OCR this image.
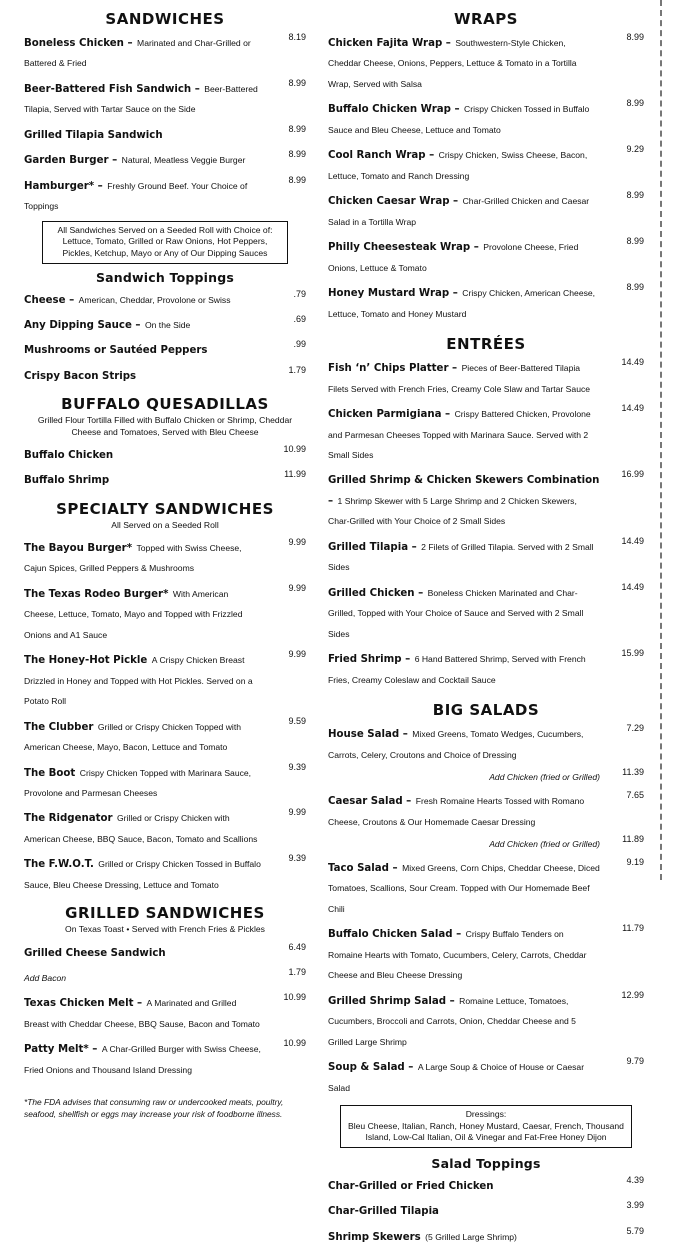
SANDWICHES
Boneless Chicken – Marinated and Char-Grilled or Battered & Fried
8.19
Beer-Battered Fish Sandwich – Beer-Battered Tilapia, Served with Tartar Sauce on the Side
8.99
Grilled Tilapia Sandwich
8.99
Garden Burger – Natural, Meatless Veggie Burger
8.99
Hamburger* – Freshly Ground Beef. Your Choice of Toppings
8.99
All Sandwiches Served on a Seeded Roll with Choice of: Lettuce, Tomato, Grilled or Raw Onions, Hot Peppers, Pickles, Ketchup, Mayo or Any of Our Dipping Sauces
Sandwich Toppings
Cheese – American, Cheddar, Provolone or Swiss
.79
Any Dipping Sauce – On the Side
.69
Mushrooms or Sautéed Peppers
.99
Crispy Bacon Strips
1.79
BUFFALO QUESADILLAS
Grilled Flour Tortilla Filled with Buffalo Chicken or Shrimp, Cheddar Cheese and Tomatoes, Served with Bleu Cheese
Buffalo Chicken
10.99
Buffalo Shrimp
11.99
SPECIALTY SANDWICHES
All Served on a Seeded Roll
The Bayou Burger* Topped with Swiss Cheese, Cajun Spices, Grilled Peppers & Mushrooms
9.99
The Texas Rodeo Burger* With American Cheese, Lettuce, Tomato, Mayo and Topped with Frizzled Onions and A1 Sauce
9.99
The Honey-Hot Pickle A Crispy Chicken Breast Drizzled in Honey and Topped with Hot Pickles. Served on a Potato Roll
9.99
The Clubber Grilled or Crispy Chicken Topped with American Cheese, Mayo, Bacon, Lettuce and Tomato
9.59
The Boot Crispy Chicken Topped with Marinara Sauce, Provolone and Parmesan Cheeses
9.39
The Ridgenator Grilled or Crispy Chicken with American Cheese, BBQ Sauce, Bacon, Tomato and Scallions
9.99
The F.W.O.T. Grilled or Crispy Chicken Tossed in Buffalo Sauce, Bleu Cheese Dressing, Lettuce and Tomato
9.39
GRILLED SANDWICHES
On Texas Toast • Served with French Fries & Pickles
Grilled Cheese Sandwich
6.49
Add Bacon
1.79
Texas Chicken Melt – A Marinated and Grilled Breast with Cheddar Cheese, BBQ Sause, Bacon and Tomato
10.99
Patty Melt* – A Char-Grilled Burger with Swiss Cheese, Fried Onions and Thousand Island Dressing
10.99
*The FDA advises that consuming raw or undercooked meats, poultry, seafood, shellfish or eggs may increase your risk of foodborne illness.
WRAPS
Chicken Fajita Wrap – Southwestern-Style Chicken, Cheddar Cheese, Onions, Peppers, Lettuce & Tomato in a Tortilla Wrap, Served with Salsa
8.99
Buffalo Chicken Wrap – Crispy Chicken Tossed in Buffalo Sauce and Bleu Cheese, Lettuce and Tomato
8.99
Cool Ranch Wrap – Crispy Chicken, Swiss Cheese, Bacon, Lettuce, Tomato and Ranch Dressing
9.29
Chicken Caesar Wrap – Char-Grilled Chicken and Caesar Salad in a Tortilla Wrap
8.99
Philly Cheesesteak Wrap – Provolone Cheese, Fried Onions, Lettuce & Tomato
8.99
Honey Mustard Wrap – Crispy Chicken, American Cheese, Lettuce, Tomato and Honey Mustard
8.99
ENTRÉES
Fish ‘n’ Chips Platter – Pieces of Beer-Battered Tilapia Filets Served with French Fries, Creamy Cole Slaw and Tartar Sauce
14.49
Chicken Parmigiana – Crispy Battered Chicken, Provolone and Parmesan Cheeses Topped with Marinara Sauce. Served with 2 Small Sides
14.49
Grilled Shrimp & Chicken Skewers Combination – 1 Shrimp Skewer with 5 Large Shrimp and 2 Chicken Skewers, Char-Grilled with Your Choice of 2 Small Sides
16.99
Grilled Tilapia – 2 Filets of Grilled Tilapia. Served with 2 Small Sides
14.49
Grilled Chicken – Boneless Chicken Marinated and Char-Grilled, Topped with Your Choice of Sauce and Served with 2 Small Sides
14.49
Fried Shrimp – 6 Hand Battered Shrimp, Served with French Fries, Creamy Coleslaw and Cocktail Sauce
15.99
BIG SALADS
House Salad – Mixed Greens, Tomato Wedges, Cucumbers, Carrots, Celery, Croutons and Choice of Dressing
7.29
Add Chicken (fried or Grilled)	11.39
Caesar Salad – Fresh Romaine Hearts Tossed with Romano Cheese, Croutons & Our Homemade Caesar Dressing
7.65
Add Chicken (fried or Grilled)	11.89
Taco Salad – Mixed Greens, Corn Chips, Cheddar Cheese, Diced Tomatoes, Scallions, Sour Cream. Topped with Our Homemade Beef Chili
9.19
Buffalo Chicken Salad – Crispy Buffalo Tenders on Romaine Hearts with Tomato, Cucumbers, Celery, Carrots, Cheddar Cheese and Bleu Cheese Dressing
11.79
Grilled Shrimp Salad – Romaine Lettuce, Tomatoes, Cucumbers, Broccoli and Carrots, Onion, Cheddar Cheese and 5 Grilled Large Shrimp
12.99
Soup & Salad – A Large Soup & Choice of House or Caesar Salad
9.79
Dressings:
Bleu Cheese, Italian, Ranch, Honey Mustard, Caesar, French, Thousand Island, Low-Cal Italian, Oil & Vinegar and Fat-Free Honey Dijon
Salad Toppings
Char-Grilled or Fried Chicken
4.39
Char-Grilled Tilapia
3.99
Shrimp Skewers (5 Grilled Large Shrimp)
5.79
